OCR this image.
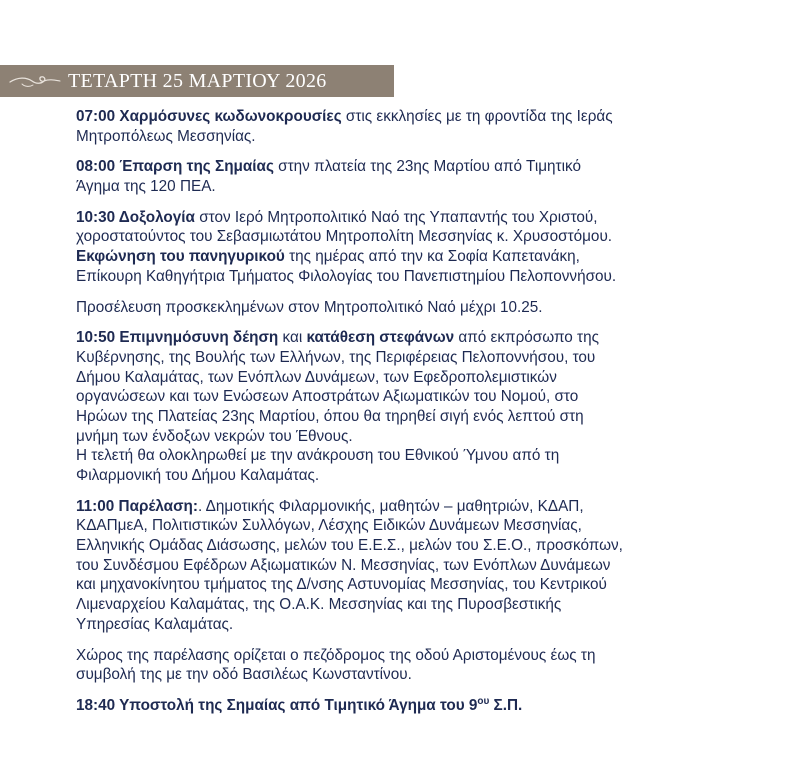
ΤΕΤΑΡΤΗ 25 ΜΑΡΤΙΟΥ 2026
07:00 Χαρμόσυνες κωδωνοκρουσίες στις εκκλησίες με τη φροντίδα της Ιεράς
Μητροπόλεως Μεσσηνίας.
08:00 Έπαρση της Σημαίας στην πλατεία της 23ης Μαρτίου από Τιμητικό
Άγημα της 120 ΠΕΑ.
10:30 Δοξολογία στον Ιερό Μητροπολιτικό Ναό της Υπαπαντής του Χριστού,
χοροστατούντος του Σεβασμιωτάτου Μητροπολίτη Μεσσηνίας κ. Χρυσοστόμου.
Εκφώνηση του πανηγυρικού της ημέρας από την κα Σοφία Καπετανάκη,
Επίκουρη Καθηγήτρια Τμήματος Φιλολογίας του Πανεπιστημίου Πελοποννήσου.
Προσέλευση προσκεκλημένων στον Μητροπολιτικό Ναό μέχρι 10.25.
10:50 Επιμνημόσυνη δέηση και κατάθεση στεφάνων από εκπρόσωπο της
Κυβέρνησης, της Βουλής των Ελλήνων, της Περιφέρειας Πελοποννήσου, του
Δήμου Καλαμάτας, των Ενόπλων Δυνάμεων, των Εφεδροπολεμιστικών
οργανώσεων και των Ενώσεων Αποστράτων Αξιωματικών του Νομού, στο
Ηρώων της Πλατείας 23ης Μαρτίου, όπου θα τηρηθεί σιγή ενός λεπτού στη
μνήμη των ένδοξων νεκρών του Έθνους.
Η τελετή θα ολοκληρωθεί με την ανάκρουση του Εθνικού Ύμνου από τη
Φιλαρμονική του Δήμου Καλαμάτας.
11:00 Παρέλαση:. Δημοτικής Φιλαρμονικής, μαθητών – μαθητριών, ΚΔΑΠ,
ΚΔΑΠμεΑ, Πολιτιστικών Συλλόγων, Λέσχης Ειδικών Δυνάμεων Μεσσηνίας,
Ελληνικής Ομάδας Διάσωσης, μελών του Ε.Ε.Σ., μελών του Σ.Ε.Ο., προσκόπων,
του Συνδέσμου Εφέδρων Αξιωματικών Ν. Μεσσηνίας, των Ενόπλων Δυνάμεων
και μηχανοκίνητου τμήματος της Δ/νσης Αστυνομίας Μεσσηνίας, του Κεντρικού
Λιμεναρχείου Καλαμάτας, της Ο.Α.Κ. Μεσσηνίας και της Πυροσβεστικής
Υπηρεσίας Καλαμάτας.
Χώρος της παρέλασης ορίζεται ο πεζόδρομος της οδού Αριστομένους έως τη
συμβολή της με την οδό Βασιλέως Κωνσταντίνου.
18:40 Υποστολή της Σημαίας από Τιμητικό Άγημα του $9^{o\upsilon}$ Σ.Π.
